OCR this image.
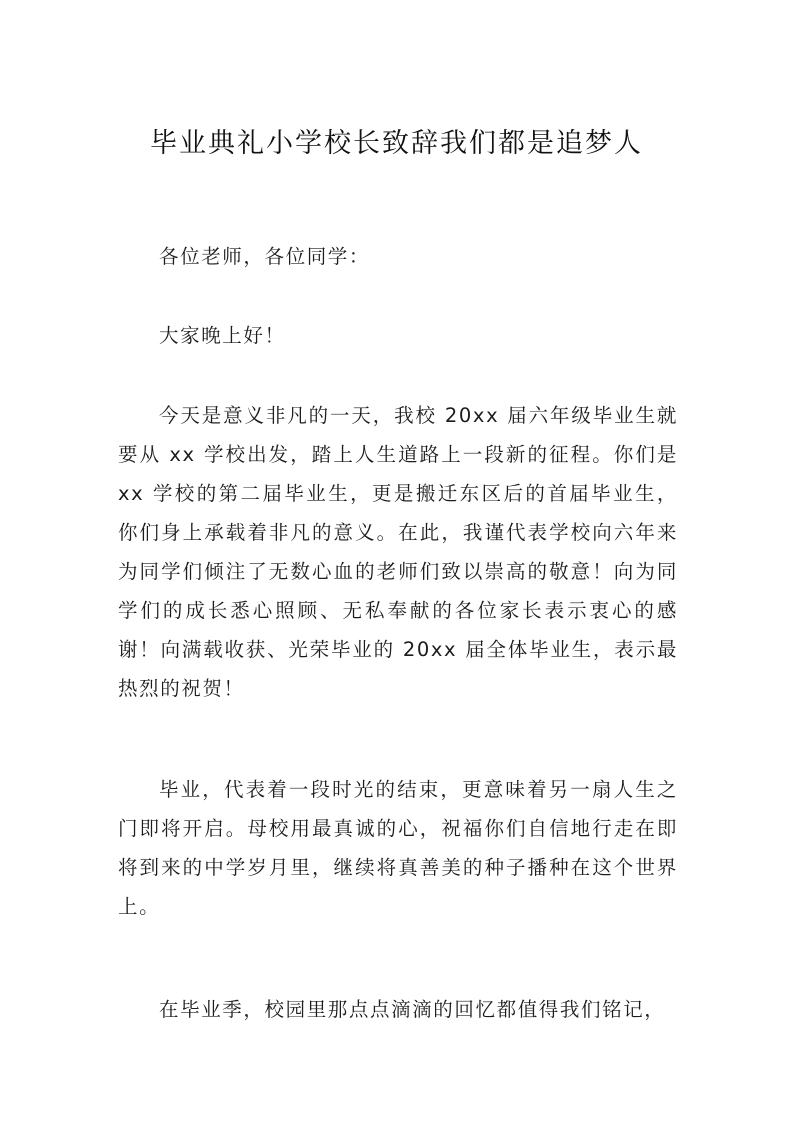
毕业典礼小学校长致辞我们都是追梦人

各位老师，各位同学：

大家晚上好！

今天是意义非凡的一天，我校 20xx 届六年级毕业生就要从 xx 学校出发，踏上人生道路上一段新的征程。你们是 xx 学校的第二届毕业生，更是搬迁东区后的首届毕业生，你们身上承载着非凡的意义。在此，我谨代表学校向六年来为同学们倾注了无数心血的老师们致以崇高的敬意！向为同学们的成长悉心照顾、无私奉献的各位家长表示衷心的感谢！向满载收获、光荣毕业的 20xx 届全体毕业生，表示最热烈的祝贺！

毕业，代表着一段时光的结束，更意味着另一扇人生之门即将开启。母校用最真诚的心，祝福你们自信地行走在即将到来的中学岁月里，继续将真善美的种子播种在这个世界上。

在毕业季，校园里那点点滴滴的回忆都值得我们铭记，
